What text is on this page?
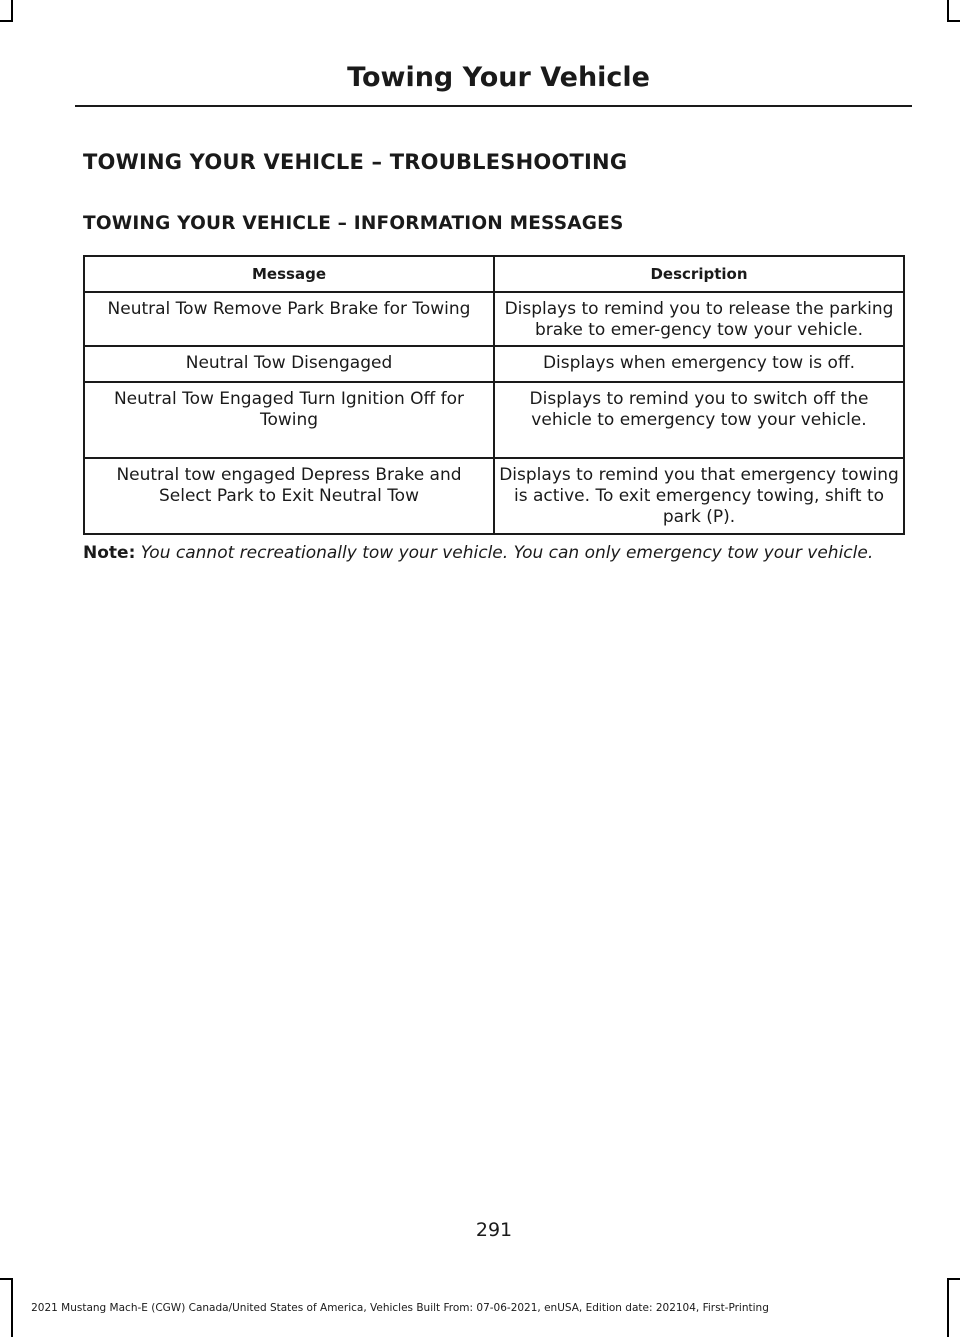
Towing Your Vehicle
TOWING YOUR VEHICLE – TROUBLESHOOTING
TOWING YOUR VEHICLE – INFORMATION MESSAGES
Message	Description
Neutral Tow Remove Park Brake for Towing	Displays to remind you to release the parking brake to emer-gency tow your vehicle.
Neutral Tow Disengaged	Displays when emergency tow is off.
Neutral Tow Engaged Turn Ignition Off for Towing	Displays to remind you to switch off the vehicle to emergency tow your vehicle.
Neutral tow engaged Depress Brake and Select Park to Exit Neutral Tow	Displays to remind you that emergency towing is active. To exit emergency towing, shift to park (P).
Note: You cannot recreationally tow your vehicle. You can only emergency tow your vehicle.
291
2021 Mustang Mach-E (CGW) Canada/United States of America, Vehicles Built From: 07-06-2021, enUSA, Edition date: 202104, First-Printing
